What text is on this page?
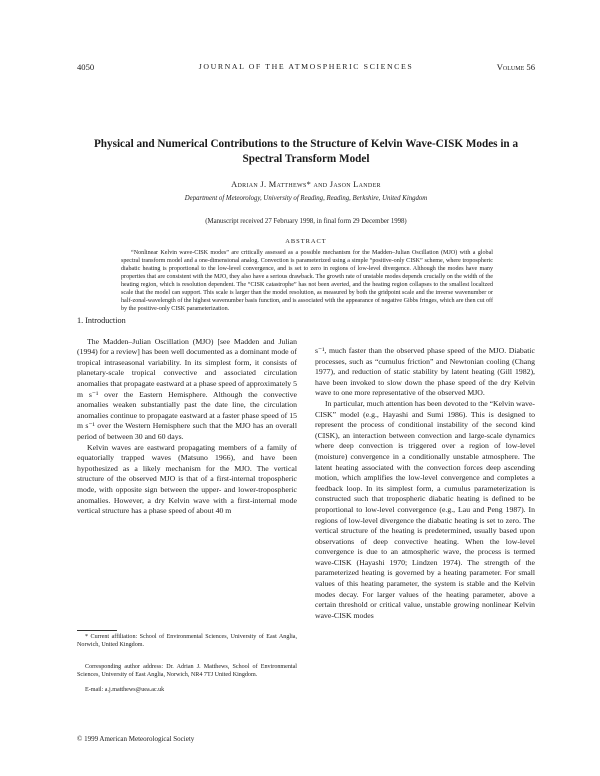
4050	JOURNAL OF THE ATMOSPHERIC SCIENCES	Volume 56
Physical and Numerical Contributions to the Structure of Kelvin Wave-CISK Modes in a Spectral Transform Model
Adrian J. Matthews* and Jason Lander
Department of Meteorology, University of Reading, Reading, Berkshire, United Kingdom
(Manuscript received 27 February 1998, in final form 29 December 1998)
ABSTRACT
“Nonlinear Kelvin wave-CISK modes” are critically assessed as a possible mechanism for the Madden–Julian Oscillation (MJO) with a global spectral transform model and a one-dimensional analog. Convection is parameterized using a simple “positive-only CISK” scheme, where tropospheric diabatic heating is proportional to the low-level convergence, and is set to zero in regions of low-level divergence. Although the modes have many properties that are consistent with the MJO, they also have a serious drawback. The growth rate of unstable modes depends crucially on the width of the heating region, which is resolution dependent. The “CISK catastrophe” has not been averted, and the heating region collapses to the smallest localized scale that the model can support. This scale is larger than the model resolution, as measured by both the gridpoint scale and the inverse wavenumber or half-zonal-wavelength of the highest wavenumber basis function, and is associated with the appearance of negative Gibbs fringes, which are then cut off by the positive-only CISK parameterization.
1. Introduction

The Madden–Julian Oscillation (MJO) [see Madden and Julian (1994) for a review] has been well documented as a dominant mode of tropical intraseasonal variability. In its simplest form, it consists of planetary-scale tropical convective and associated circulation anomalies that propagate eastward at a phase speed of approximately 5 m s⁻¹ over the Eastern Hemisphere. Although the convective anomalies weaken substantially past the date line, the circulation anomalies continue to propagate eastward at a faster phase speed of 15 m s⁻¹ over the Western Hemisphere such that the MJO has an overall period of between 30 and 60 days.

Kelvin waves are eastward propagating members of a family of equatorially trapped waves (Matsuno 1966), and have been hypothesized as a likely mechanism for the MJO. The vertical structure of the observed MJO is that of a first-internal tropospheric mode, with opposite sign between the upper- and lower-tropospheric anomalies. However, a dry Kelvin wave with a first-internal mode vertical structure has a phase speed of about 40 m

s⁻¹, much faster than the observed phase speed of the MJO. Diabatic processes, such as “cumulus friction” and Newtonian cooling (Chang 1977), and reduction of static stability by latent heating (Gill 1982), have been invoked to slow down the phase speed of the dry Kelvin wave to one more representative of the observed MJO.

In particular, much attention has been devoted to the “Kelvin wave-CISK” model (e.g., Hayashi and Sumi 1986). This is designed to represent the process of conditional instability of the second kind (CISK), an interaction between convection and large-scale dynamics where deep convection is triggered over a region of low-level (moisture) convergence in a conditionally unstable atmosphere. The latent heating associated with the convection forces deep ascending motion, which amplifies the low-level convergence and completes a feedback loop. In its simplest form, a cumulus parameterization is constructed such that tropospheric diabatic heating is defined to be proportional to low-level convergence (e.g., Lau and Peng 1987). In regions of low-level divergence the diabatic heating is set to zero. The vertical structure of the heating is predetermined, usually based upon observations of deep convective heating. When the low-level convergence is due to an atmospheric wave, the process is termed wave-CISK (Hayashi 1970; Lindzen 1974). The strength of the parameterized heating is governed by a heating parameter. For small values of this heating parameter, the system is stable and the Kelvin modes decay. For larger values of the heating parameter, above a certain threshold or critical value, unstable growing nonlinear Kelvin wave-CISK modes

* Current affiliation: School of Environmental Sciences, University of East Anglia, Norwich, United Kingdom.
Corresponding author address: Dr. Adrian J. Matthews, School of Environmental Sciences, University of East Anglia, Norwich, NR4 7TJ United Kingdom.
E-mail: a.j.matthews@uea.ac.uk
© 1999 American Meteorological Society
